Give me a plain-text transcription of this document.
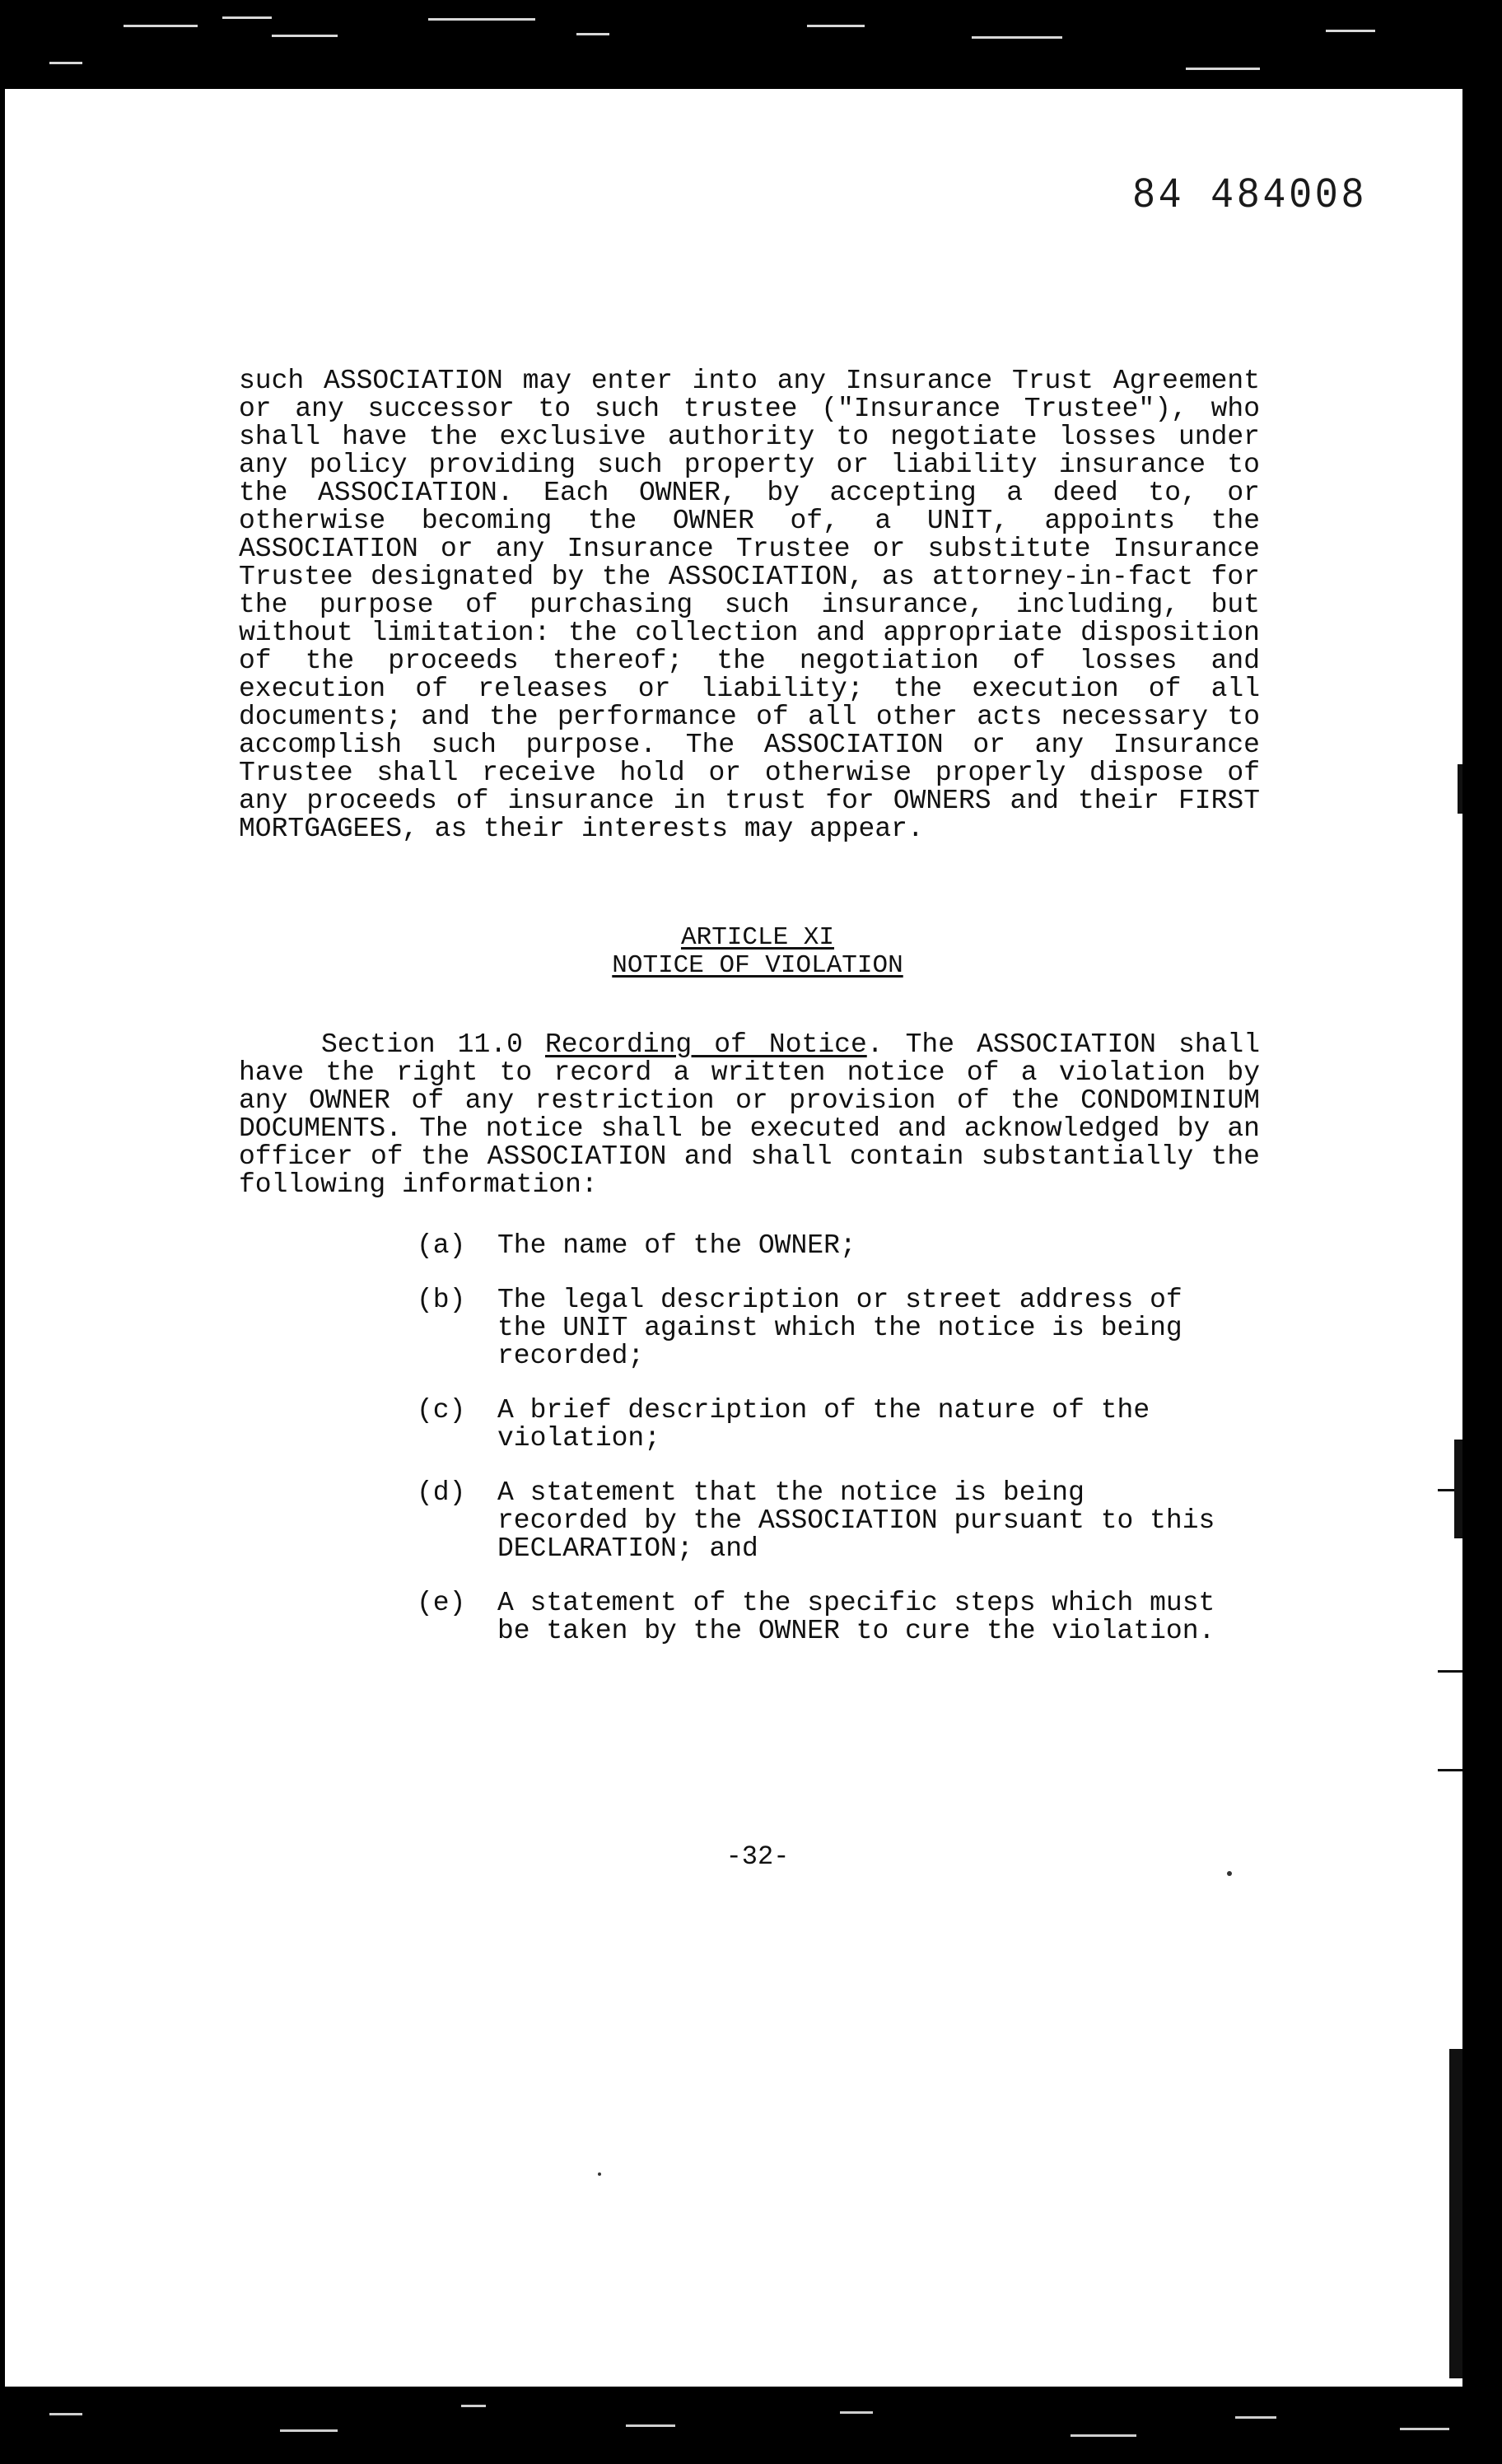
84 484008
such ASSOCIATION may enter into any Insurance Trust Agreement or any successor to such trustee ("Insurance Trustee"), who shall have the exclusive authority to negotiate losses under any policy providing such property or liability insurance to the ASSOCIATION. Each OWNER, by accepting a deed to, or otherwise becoming the OWNER of, a UNIT, appoints the ASSOCIATION or any Insurance Trustee or substitute Insurance Trustee designated by the ASSOCIATION, as attorney-in-fact for the purpose of purchasing such insurance, including, but without limitation: the collection and appropriate disposition of the proceeds thereof; the negotiation of losses and execution of releases or liability; the execution of all documents; and the performance of all other acts necessary to accomplish such purpose. The ASSOCIATION or any Insurance Trustee shall receive hold or otherwise properly dispose of any proceeds of insurance in trust for OWNERS and their FIRST MORTGAGEES, as their interests may appear.
ARTICLE XI
NOTICE OF VIOLATION
Section 11.0 Recording of Notice. The ASSOCIATION shall have the right to record a written notice of a violation by any OWNER of any restriction or provision of the CONDOMINIUM DOCUMENTS. The notice shall be executed and acknowledged by an officer of the ASSOCIATION and shall contain substantially the following information:
(a)	The name of the OWNER;
(b)	The legal description or street address of the UNIT against which the notice is being recorded;
(c)	A brief description of the nature of the violation;
(d)	A statement that the notice is being recorded by the ASSOCIATION pursuant to this DECLARATION; and
(e)	A statement of the specific steps which must be taken by the OWNER to cure the violation.
-32-
